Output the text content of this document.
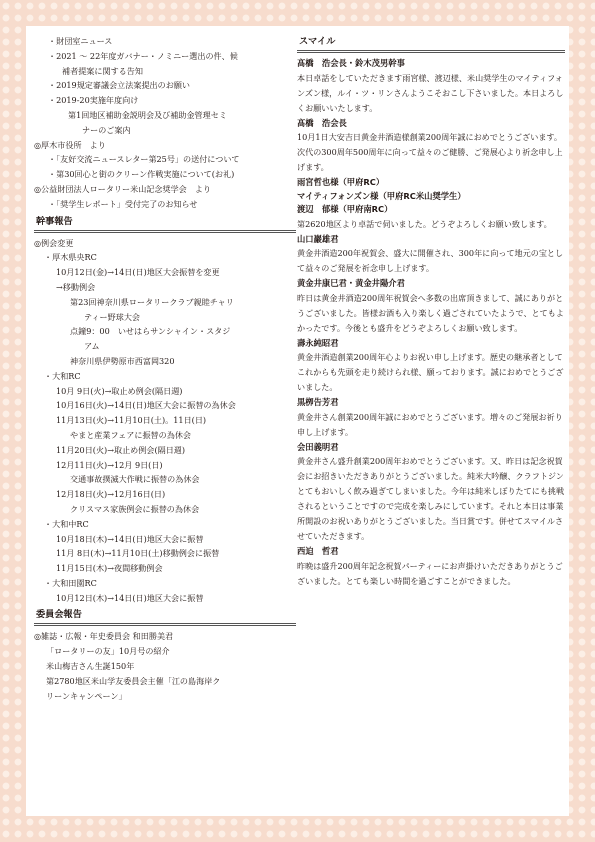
・財団室ニュース
・2021 ～ 22年度ガバナー・ノミニー選出の件、候
補者提案に関する告知
・2019規定審議会立法案提出のお願い
・2019-20実施年度向け
第1回地区補助金説明会及び補助金管理セミ
ナーのご案内
◎厚木市役所　より
・「友好交流ニュースレター第25号」の送付について
・第30回心と街のクリーン作戦実施について(お礼)
◎公益財団法人ロータリー米山記念奨学会　より
・「奨学生レポート」受付完了のお知らせ
幹事報告
◎例会変更
・厚木県央RC
10月12日(金)→14日(日)地区大会振替を変更
→移動例会
第23回神奈川県ロータリークラブ親睦チャリ
ティー野球大会
点鐘9：00　いせはらサンシャイン・スタジ
アム
神奈川県伊勢原市西富岡320
・大和RC
10月 9日(火)→取止め例会(隔日週)
10月16日(火)→14日(日)地区大会に振替の為休会
11月13日(火)→11月10日(土)。11日(日)
やまと産業フェアに振替の為休会
11月20日(火)→取止め例会(隔日週)
12月11日(火)→12月 9日(日)
交通事故撲滅大作戦に振替の為休会
12月18日(火)→12月16日(日)
クリスマス家族例会に振替の為休会
・大和中RC
10月18日(木)→14日(日)地区大会に振替
11月 8日(木)→11月10日(土)移動例会に振替
11月15日(木)→夜間移動例会
・大和田園RC
10月12日(木)→14日(日)地区大会に振替
委員会報告
◎雑誌・広報・年史委員会 和田勝美君
「ロータリーの友」10月号の紹介
米山梅吉さん生誕150年
第2780地区米山学友委員会主催「江の島海岸ク
リーンキャンペーン」
スマイル
髙橋　浩会長・鈴木茂男幹事
本日卓話をしていただきます雨宮様、渡辺様、米山奨学生のマイティフォンズン様，ルイ・ツ・リンさんようこそおこし下さいました。本日よろしくお願いいたします。
髙橋　浩会長
10月1日大安吉日黄金井酒造様創業200周年誠におめでとうございます。次代の300周年500周年に向って益々のご健勝、ご発展心より祈念申し上げます。
雨宮哲也様（甲府RC）
マイティフォンズン様（甲府RC米山奨学生）
渡辺　郁様（甲府南RC）
第2620地区より卓話で伺いました。どうぞよろしくお願い致します。
山口巖雄君
黄金井酒造200年祝賀会、盛大に開催され、300年に向って地元の宝として益々のご発展を祈念申し上げます。
黄金井康巳君・黄金井陽介君
昨日は黄金井酒造200周年祝賀会へ多数の出席頂きまして、誠にありがとうございました。皆様お酒も入り楽しく過ごされていたようで、とてもよかったです。今後とも盛升をどうぞよろしくお願い致します。
壽永純昭君
黄金井酒造創業200周年心よりお祝い申し上げます。歴史の継承者としてこれからも先頭を走り続けられ様、願っております。誠におめでとうございました。
黒栁告芳君
黄金井さん創業200周年誠におめでとうございます。増々のご発展お祈り申し上げます。
会田義明君
黄金井さん盛升創業200周年おめでとうございます。又、昨日は記念祝賀会にお招きいただきありがとうございました。純米大吟醸、クラフトジンとてもおいしく飲み過ぎてしまいました。今年は純米しぼりたてにも挑戦されるということですので完成を楽しみにしています。それと本日は事業所開設のお祝いありがとうございました。当日賞です。併せてスマイルさせていただきます。
西迫　哲君
昨晩は盛升200周年記念祝賀パーティーにお声掛けいただきありがとうございました。とても楽しい時間を過ごすことができました。
